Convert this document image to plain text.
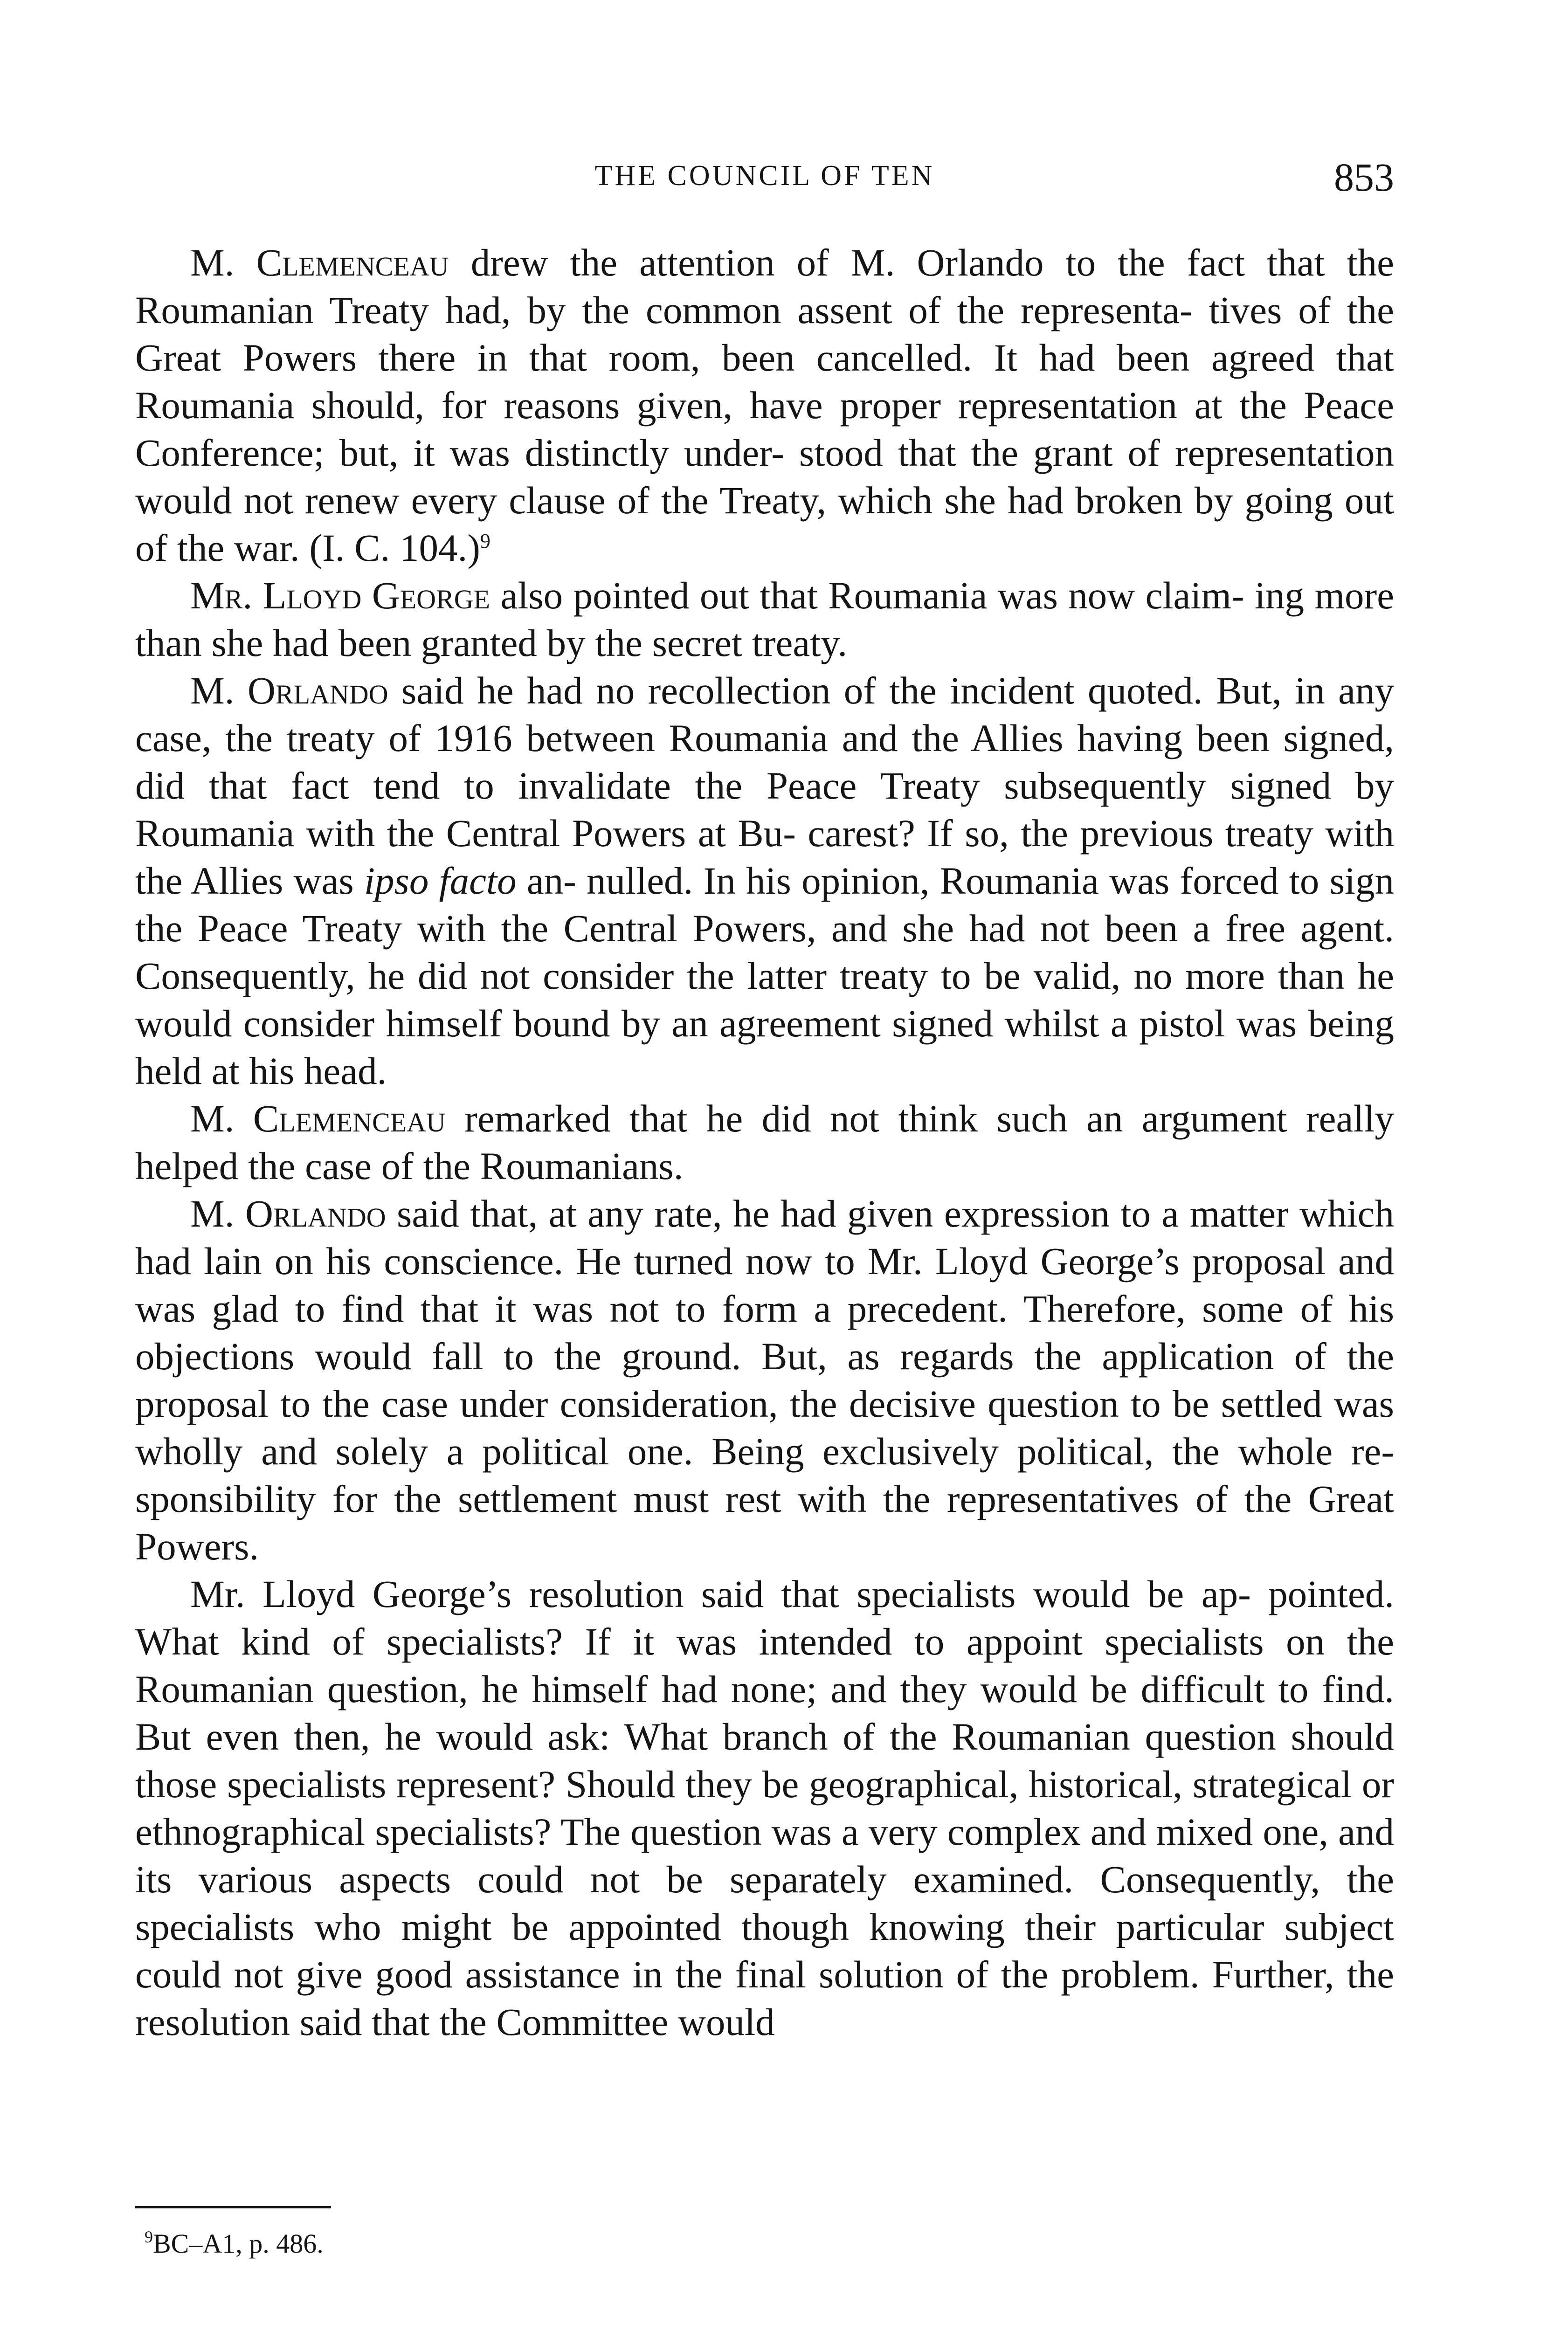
THE COUNCIL OF TEN	853

M. Clemenceau drew the attention of M. Orlando to the fact that the Roumanian Treaty had, by the common assent of the representa- tives of the Great Powers there in that room, been cancelled. It had been agreed that Roumania should, for reasons given, have proper representation at the Peace Conference; but, it was distinctly under- stood that the grant of representation would not renew every clause of the Treaty, which she had broken by going out of the war. (I. C. 104.)$^9$

Mr. Lloyd George also pointed out that Roumania was now claim- ing more than she had been granted by the secret treaty.

M. Orlando said he had no recollection of the incident quoted. But, in any case, the treaty of 1916 between Roumania and the Allies having been signed, did that fact tend to invalidate the Peace Treaty subsequently signed by Roumania with the Central Powers at Bu- carest? If so, the previous treaty with the Allies was ipso facto an- nulled. In his opinion, Roumania was forced to sign the Peace Treaty with the Central Powers, and she had not been a free agent. Consequently, he did not consider the latter treaty to be valid, no more than he would consider himself bound by an agreement signed whilst a pistol was being held at his head.

M. Clemenceau remarked that he did not think such an argument really helped the case of the Roumanians.

M. Orlando said that, at any rate, he had given expression to a matter which had lain on his conscience. He turned now to Mr. Lloyd George’s proposal and was glad to find that it was not to form a precedent. Therefore, some of his objections would fall to the ground. But, as regards the application of the proposal to the case under consideration, the decisive question to be settled was wholly and solely a political one. Being exclusively political, the whole re- sponsibility for the settlement must rest with the representatives of the Great Powers.

Mr. Lloyd George’s resolution said that specialists would be ap- pointed. What kind of specialists? If it was intended to appoint specialists on the Roumanian question, he himself had none; and they would be difficult to find. But even then, he would ask: What branch of the Roumanian question should those specialists represent? Should they be geographical, historical, strategical or ethnographical specialists? The question was a very complex and mixed one, and its various aspects could not be separately examined. Consequently, the specialists who might be appointed though knowing their particular subject could not give good assistance in the final solution of the problem. Further, the resolution said that the Committee would

$^9$BC–A1, p. 486.
